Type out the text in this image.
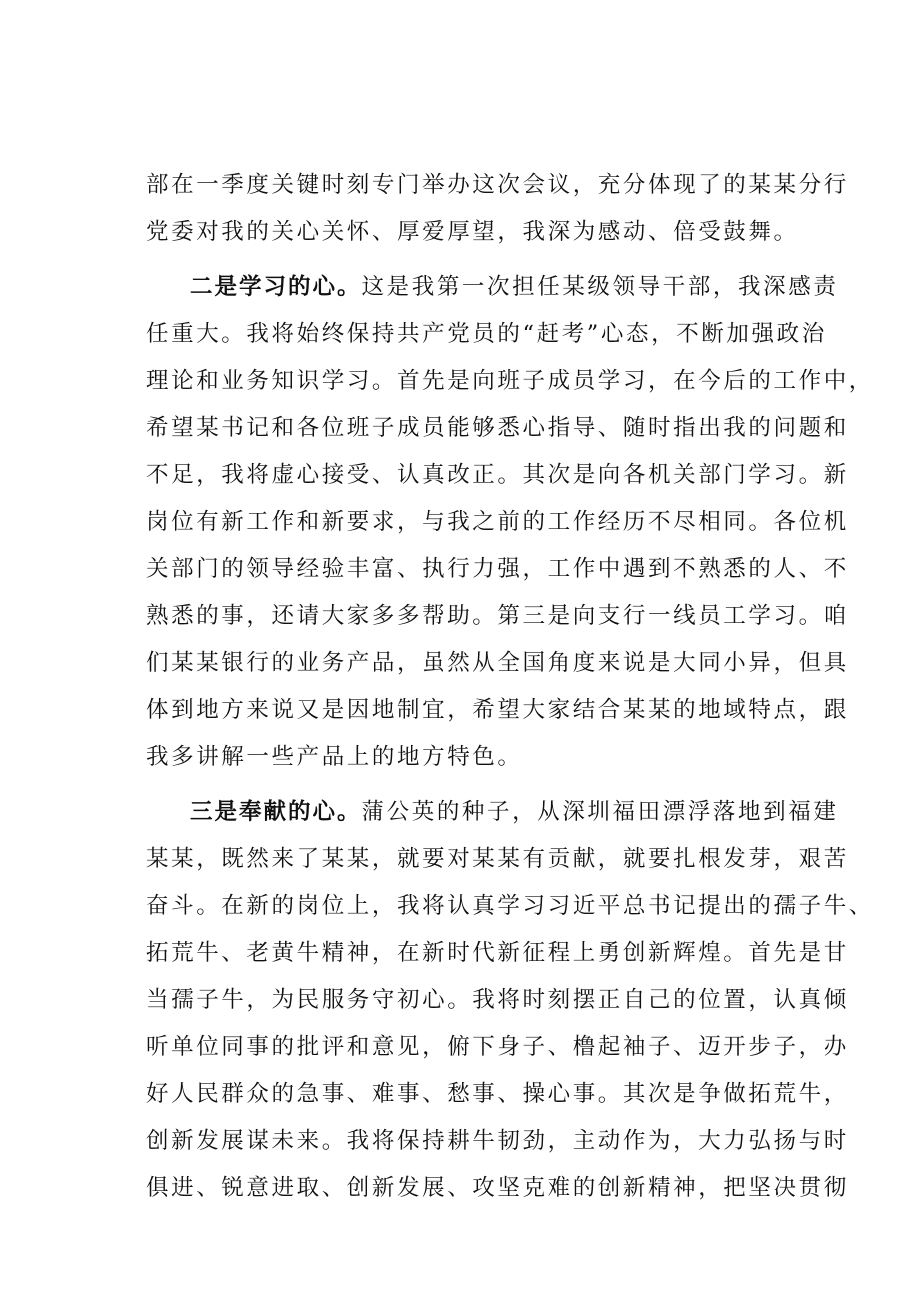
部在一季度关键时刻专门举办这次会议，充分体现了的某某分行

党委对我的关心关怀、厚爱厚望，我深为感动、倍受鼓舞。

二是学习的心。这是我第一次担任某级领导干部，我深感责

任重大。我将始终保持共产党员的“赶考”心态，不断加强政治

理论和业务知识学习。首先是向班子成员学习，在今后的工作中，

希望某书记和各位班子成员能够悉心指导、随时指出我的问题和

不足，我将虚心接受、认真改正。其次是向各机关部门学习。新

岗位有新工作和新要求，与我之前的工作经历不尽相同。各位机

关部门的领导经验丰富、执行力强，工作中遇到不熟悉的人、不

熟悉的事，还请大家多多帮助。第三是向支行一线员工学习。咱

们某某银行的业务产品，虽然从全国角度来说是大同小异，但具

体到地方来说又是因地制宜，希望大家结合某某的地域特点，跟

我多讲解一些产品上的地方特色。

三是奉献的心。蒲公英的种子，从深圳福田漂浮落地到福建

某某，既然来了某某，就要对某某有贡献，就要扎根发芽，艰苦

奋斗。在新的岗位上，我将认真学习习近平总书记提出的孺子牛、

拓荒牛、老黄牛精神，在新时代新征程上勇创新辉煌。首先是甘

当孺子牛，为民服务守初心。我将时刻摆正自己的位置，认真倾

听单位同事的批评和意见，俯下身子、橹起袖子、迈开步子，办

好人民群众的急事、难事、愁事、操心事。其次是争做拓荒牛，

创新发展谋未来。我将保持耕牛韧劲，主动作为，大力弘扬与时

俱进、锐意进取、创新发展、攻坚克难的创新精神，把坚决贯彻
